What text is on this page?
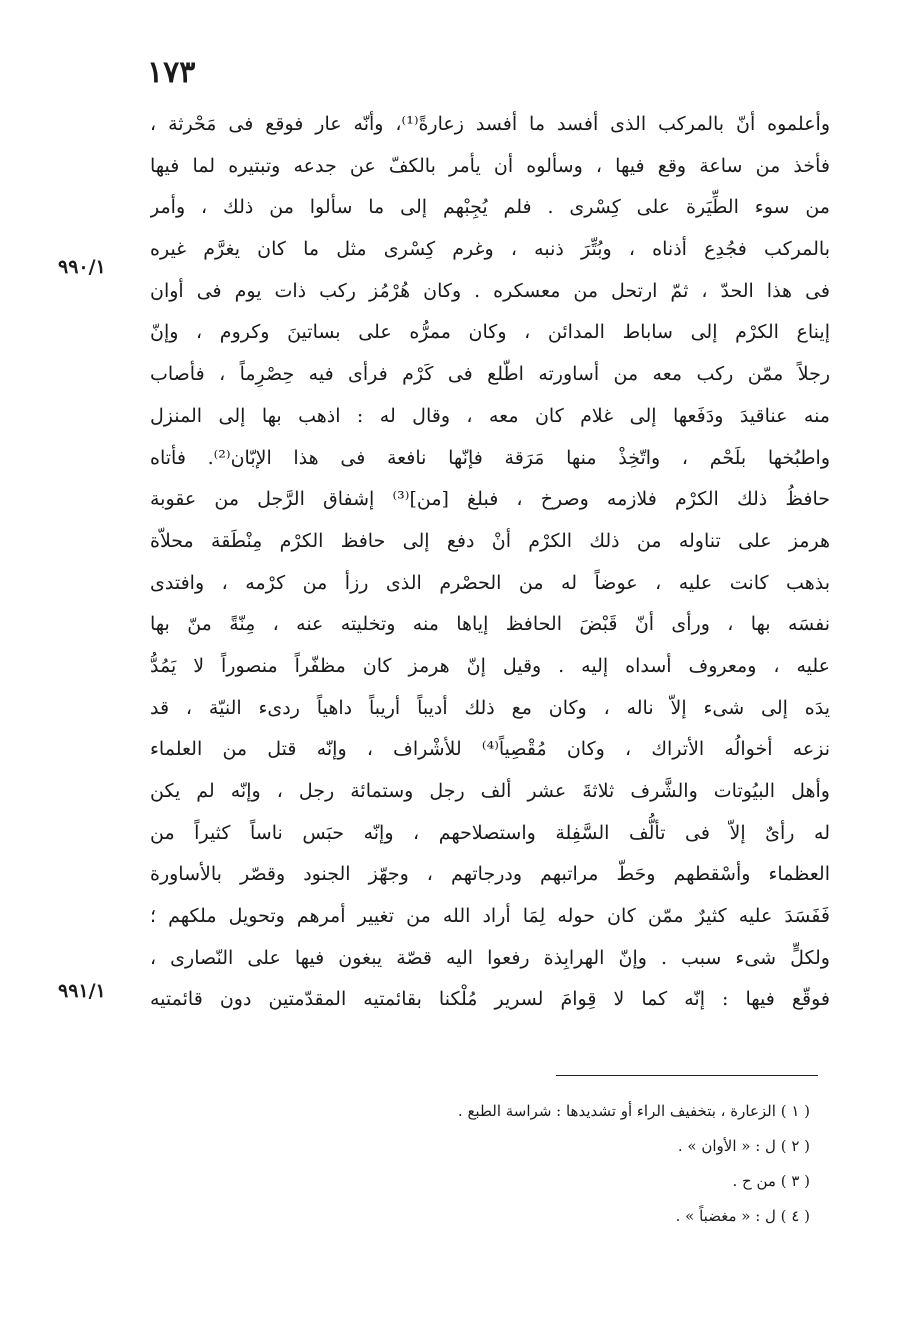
١٧٣
٩٩٠/١
٩٩١/١
وأعلموه أنّ بالمركب الذى أفسد ما أفسد زعارةً⁽¹⁾، وأنّه عار فوقع فى مَحْرثة ،
فأخذ من ساعة وقع فيها ، وسألوه أن يأمر بالكفّ عن جدعه وتبتيره لما فيها
من سوء الطِّيَرة على كِسْرى . فلم يُجِبْهم إلى ما سألوا من ذلك ، وأمر
بالمركب فجُدِع أذناه ، وبُتِّرَ ذنبه ، وغرم كِسْرى مثل ما كان يغرَّم غيره
فى هذا الحدّ ، ثمّ ارتحل من معسكره . وكان هُرْمُز ركب ذات يوم فى أوان
إيناع الكرْم إلى ساباط المدائن ، وكان ممرُّه على بساتينَ وكروم ، وإنّ
رجلاً ممّن ركب معه من أساورته اطّلع فى كَرْم فرأى فيه حِصْرِماً ، فأصاب
منه عناقيدَ ودَفَعها إلى غلام كان معه ، وقال له : اذهب بها إلى المنزل
واطبُخها بلَحْم ، واتّخِذْ منها مَرَقة فإنّها نافعة فى هذا الإبّان⁽²⁾. فأتاه
حافظُ ذلك الكرْم فلازمه وصرخ ، فبلغ [من]⁽³⁾ إشفاق الرَّجل من عقوبة
هرمز على تناوله من ذلك الكرْم أنْ دفع إلى حافظ الكرْم مِنْطَقة محلاّة
بذهب كانت عليه ، عوضاً له من الحصْرم الذى رزأ من كرْمه ، وافتدى
نفسَه بها ، ورأى أنّ قَبْضَ الحافظ إياها منه وتخليته عنه ، مِنّةً منّ بها
عليه ، ومعروف أسداه إليه . وقيل إنّ هرمز كان مظفّراً منصوراً لا يَمُدُّ
يدَه إلى شىء إلاّ ناله ، وكان مع ذلك أديباً أريباً داهياً ردىء النيّة ، قد
نزعه أخوالُه الأتراك ، وكان مُقْصِياً⁽⁴⁾ للأشْراف ، وإنّه قتل من العلماء
وأهل البيُوتات والشَّرف ثلاثةَ عشر ألف رجل وستمائة رجل ، وإنّه لم يكن
له رأىٌ إلاّ فى تألُّف السَّفِلة واستصلاحهم ، وإنّه حبَس ناساً كثيراً من
العظماء وأسْقطهم وحَطّ مراتبهم ودرجاتهم ، وجهّز الجنود وقصّر بالأساورة
فَفَسَدَ عليه كثيرٌ ممّن كان حوله لِمَا أراد الله من تغيير أمرهم وتحويل ملكهم ؛
ولكلٍّ شىء سبب . وإنّ الهرابِذة رفعوا اليه قصّة يبغون فيها على النّصارى ،
فوقّع فيها : إنّه كما لا قِوامَ لسرير مُلْكنا بقائمتيه المقدّمتين دون قائمتيه
( ١ ) الزعارة ، بتخفيف الراء أو تشديدها : شراسة الطبع .
( ٢ ) ل : « الأوان » .
( ٣ ) من ح .
( ٤ ) ل : « مغضباً » .
